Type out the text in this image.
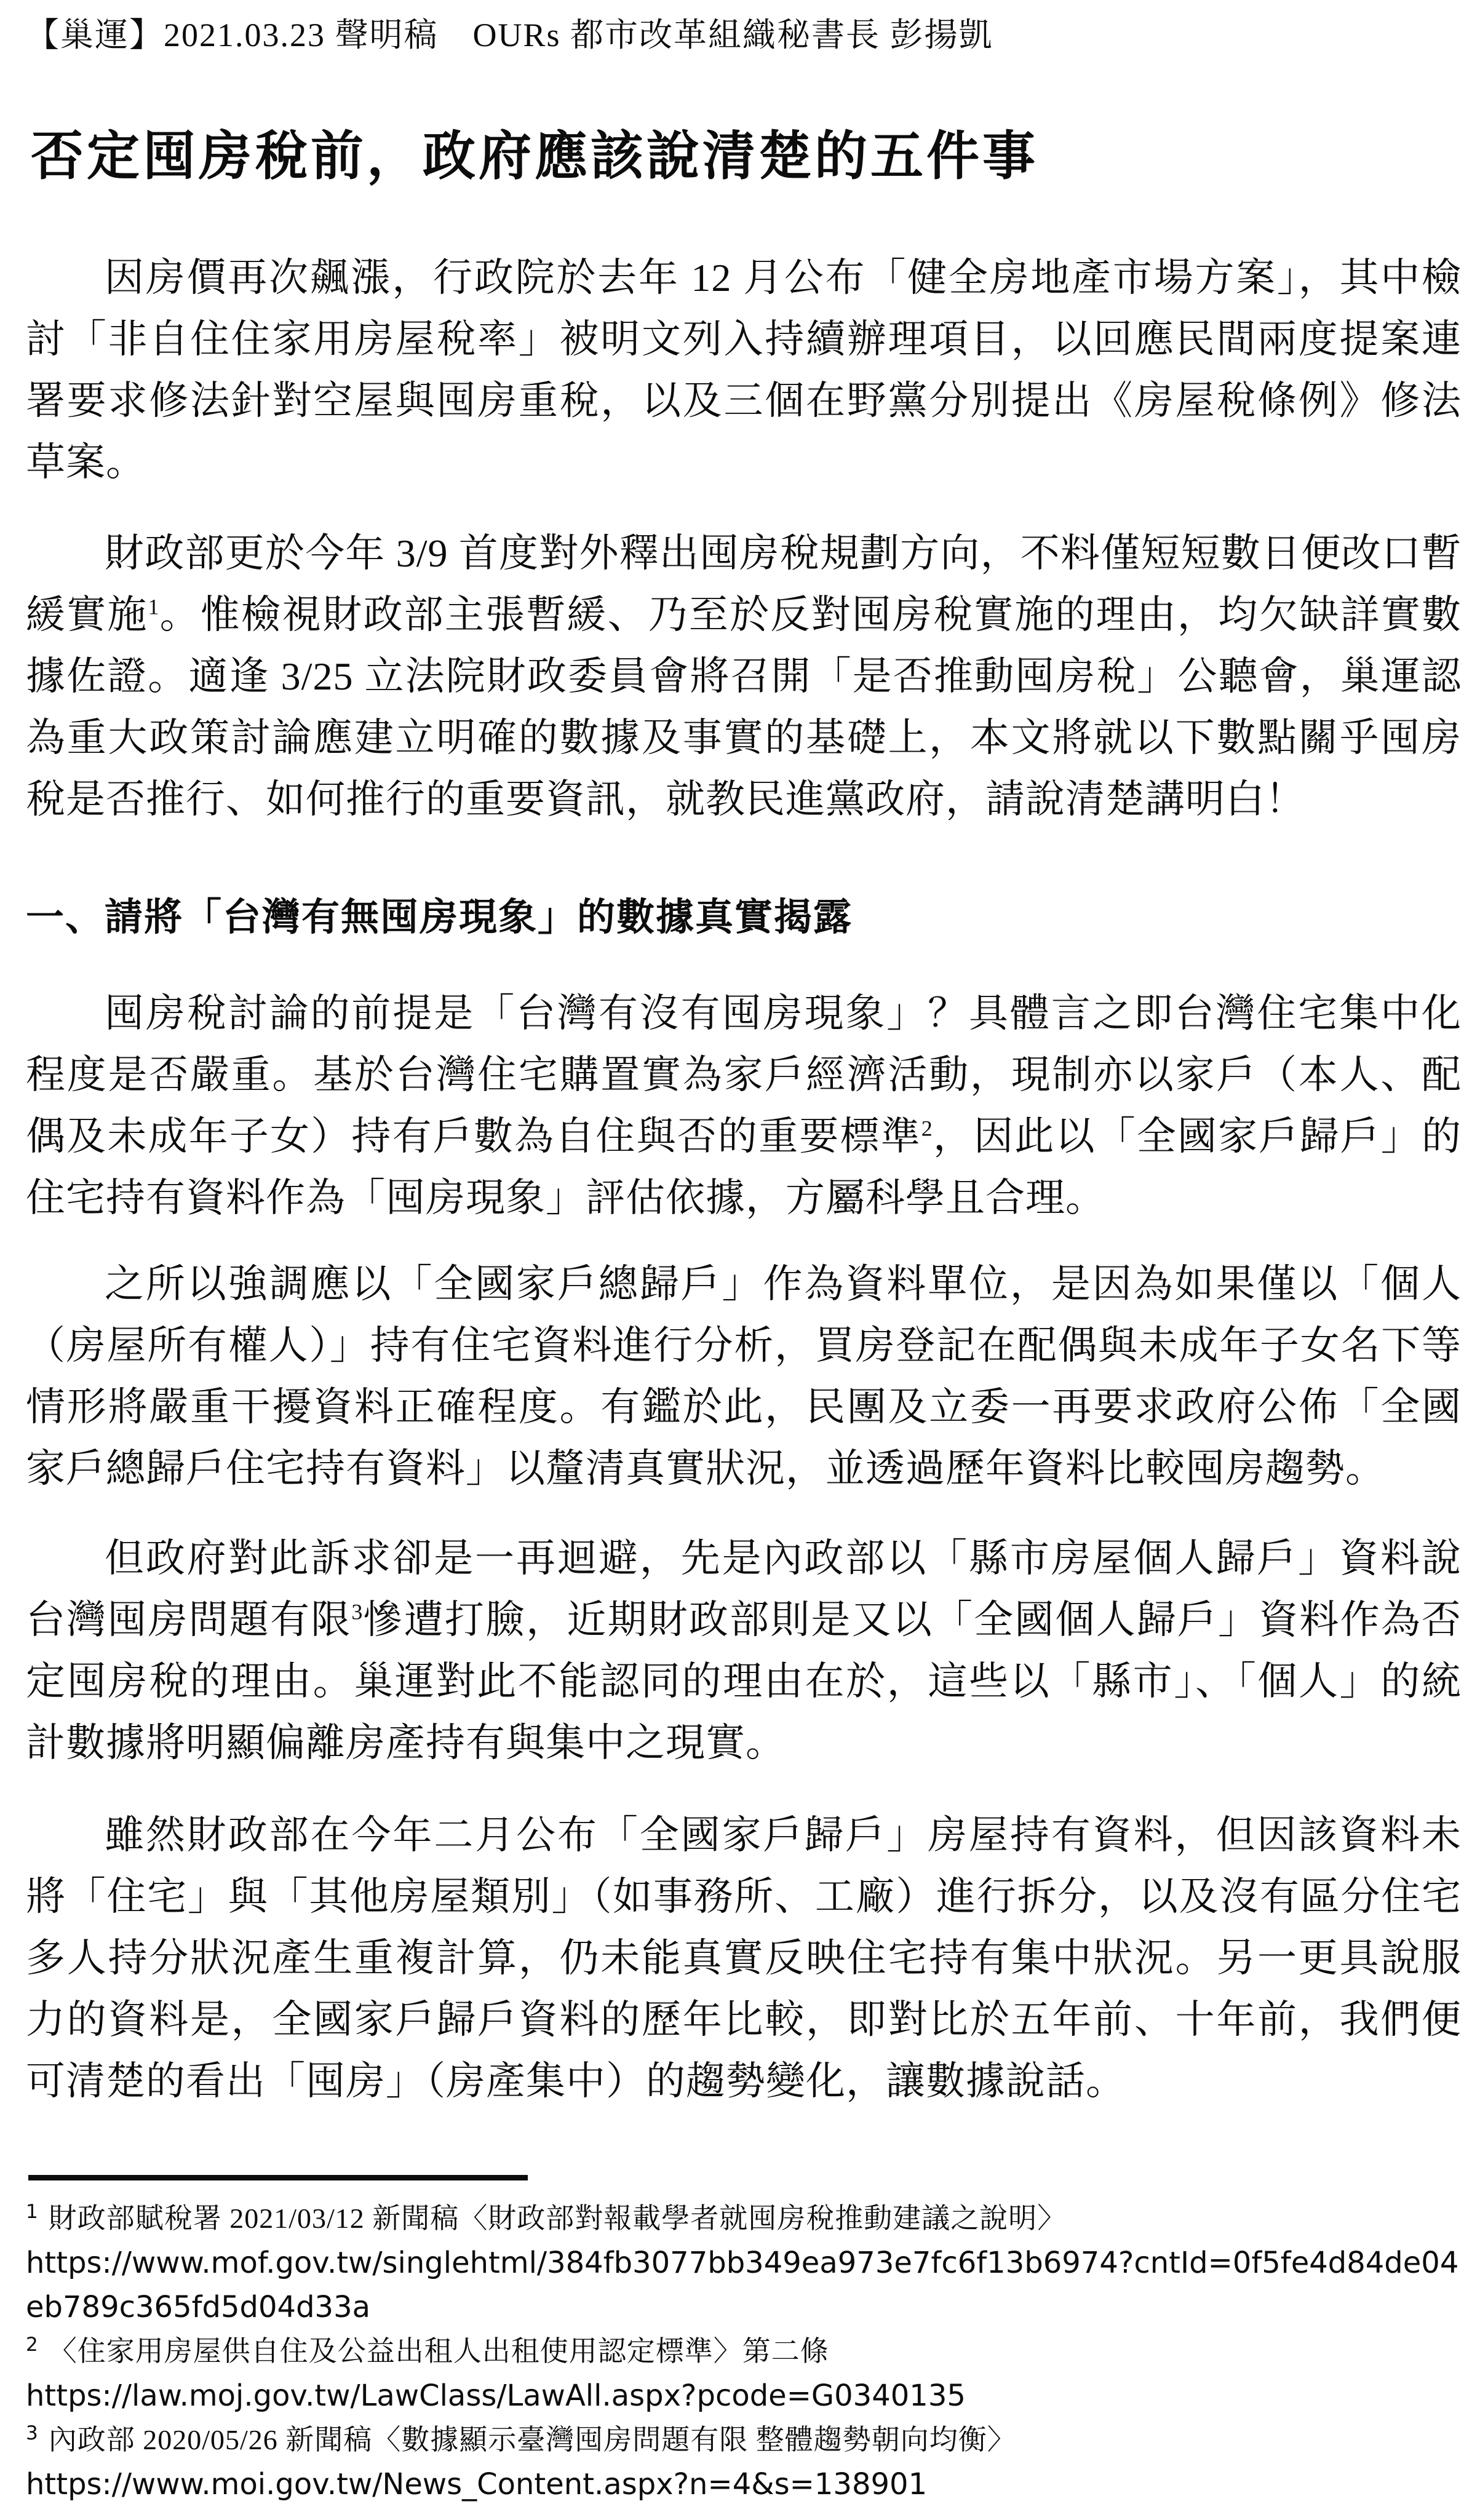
【巢運】2021.03.23 聲明稿　OURs 都市改革組織秘書長 彭揚凱
否定囤房稅前，政府應該說清楚的五件事

因房價再次飆漲，行政院於去年 12 月公布「健全房地產市場方案」，其中檢討「非自住住家用房屋稅率」被明文列入持續辦理項目，以回應民間兩度提案連署要求修法針對空屋與囤房重稅，以及三個在野黨分別提出《房屋稅條例》修法草案。

財政部更於今年 3/9 首度對外釋出囤房稅規劃方向，不料僅短短數日便改口暫緩實施$^1$。惟檢視財政部主張暫緩、乃至於反對囤房稅實施的理由，均欠缺詳實數據佐證。適逢 3/25 立法院財政委員會將召開「是否推動囤房稅」公聽會，巢運認為重大政策討論應建立明確的數據及事實的基礎上，本文將就以下數點關乎囤房稅是否推行、如何推行的重要資訊，就教民進黨政府，請說清楚講明白！

一、請將「台灣有無囤房現象」的數據真實揭露

囤房稅討論的前提是「台灣有沒有囤房現象」？具體言之即台灣住宅集中化程度是否嚴重。基於台灣住宅購置實為家戶經濟活動，現制亦以家戶（本人、配偶及未成年子女）持有戶數為自住與否的重要標準$^2$，因此以「全國家戶歸戶」的住宅持有資料作為「囤房現象」評估依據，方屬科學且合理。

之所以強調應以「全國家戶總歸戶」作為資料單位，是因為如果僅以「個人（房屋所有權人）」持有住宅資料進行分析，買房登記在配偶與未成年子女名下等情形將嚴重干擾資料正確程度。有鑑於此，民團及立委一再要求政府公佈「全國家戶總歸戶住宅持有資料」以釐清真實狀況，並透過歷年資料比較囤房趨勢。

但政府對此訴求卻是一再迴避，先是內政部以「縣市房屋個人歸戶」資料說台灣囤房問題有限$^3$慘遭打臉，近期財政部則是又以「全國個人歸戶」資料作為否定囤房稅的理由。巢運對此不能認同的理由在於，這些以「縣市」、「個人」的統計數據將明顯偏離房產持有與集中之現實。

雖然財政部在今年二月公布「全國家戶歸戶」房屋持有資料，但因該資料未將「住宅」與「其他房屋類別」（如事務所、工廠）進行拆分，以及沒有區分住宅多人持分狀況產生重複計算，仍未能真實反映住宅持有集中狀況。另一更具說服力的資料是，全國家戶歸戶資料的歷年比較，即對比於五年前、十年前，我們便可清楚的看出「囤房」（房產集中）的趨勢變化，讓數據說話。

$^1$ 財政部賦稅署 2021/03/12 新聞稿〈財政部對報載學者就囤房稅推動建議之說明〉
https://www.mof.gov.tw/singlehtml/384fb3077bb349ea973e7fc6f13b6974?cntId=0f5fe4d84de04eb789c365fd5d04d33a
$^2$ 〈住家用房屋供自住及公益出租人出租使用認定標準〉第二條
https://law.moj.gov.tw/LawClass/LawAll.aspx?pcode=G0340135
$^3$ 內政部 2020/05/26 新聞稿〈數據顯示臺灣囤房問題有限 整體趨勢朝向均衡〉
https://www.moi.gov.tw/News_Content.aspx?n=4&s=138901
